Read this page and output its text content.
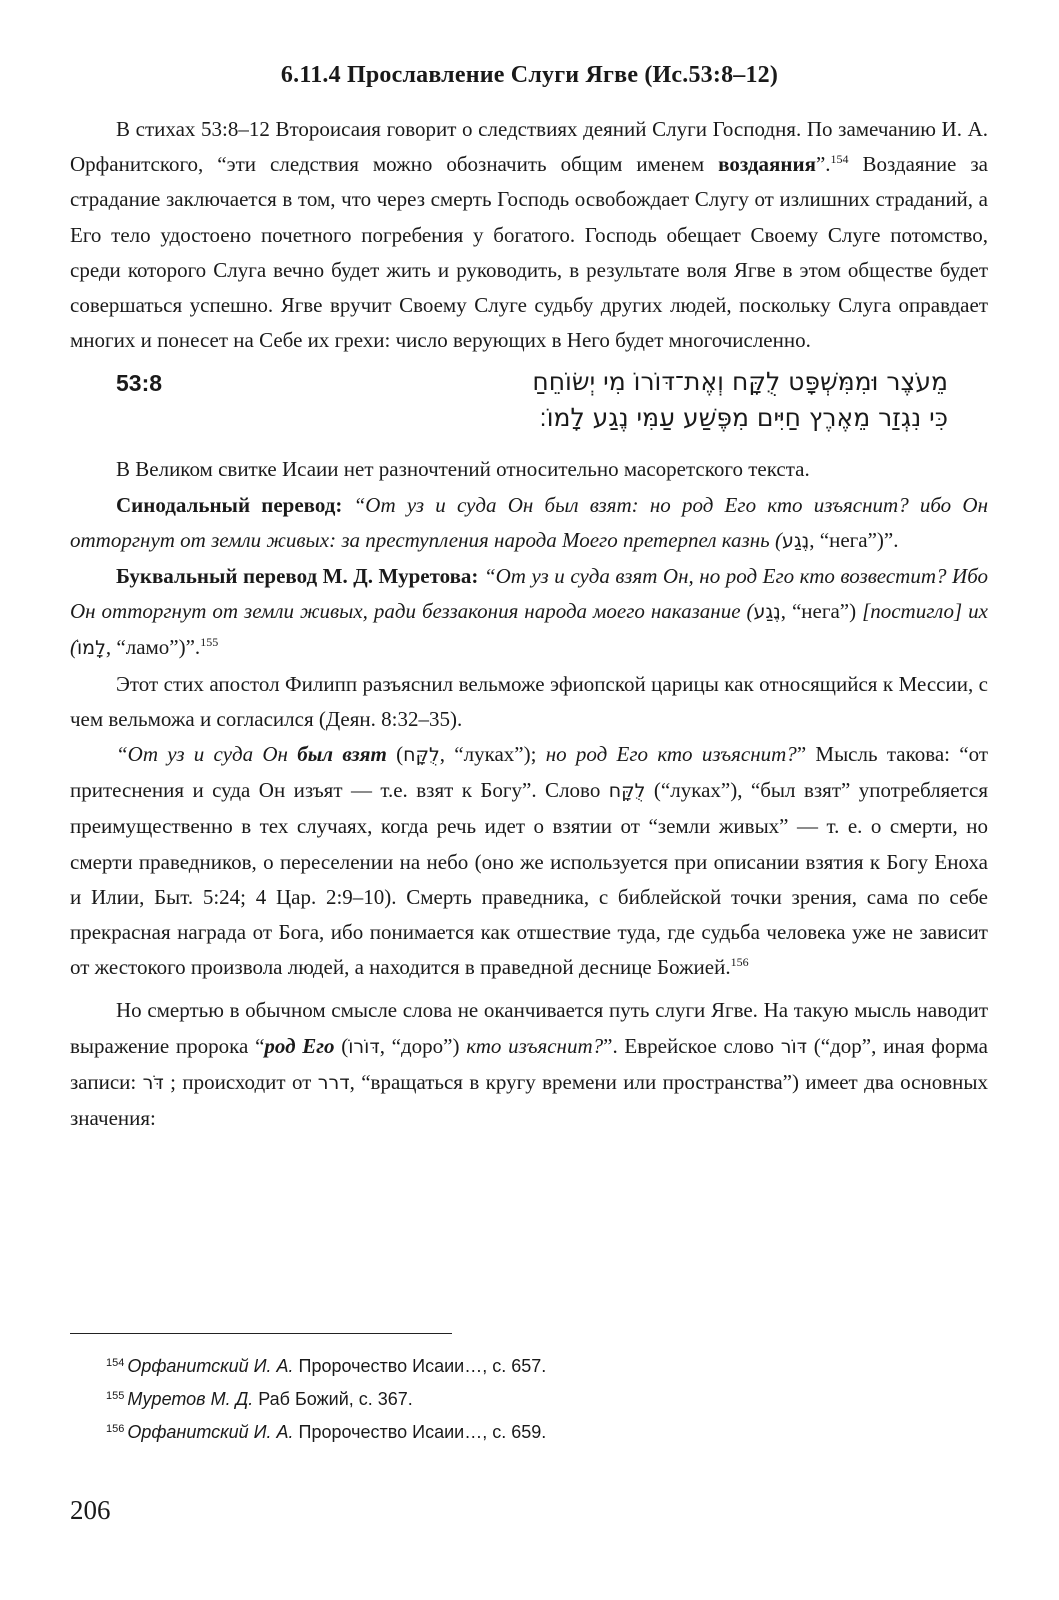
6.11.4 Прославление Слуги Ягве (Ис.53:8–12)

В стихах 53:8–12 Второисаия говорит о следствиях деяний Слуги Господня. По замечанию И. А. Орфанитского, “эти следствия можно обозначить общим именем воздаяния”.$^{154}$ Воздаяние за страдание заключается в том, что через смерть Господь освобождает Слугу от излишних страданий, а Его тело удостоено почетного погребения у богатого. Господь обещает Своему Слуге потомство, среди которого Слуга вечно будет жить и руководить, в результате воля Ягве в этом обществе будет совершаться успешно. Ягве вручит Своему Слуге судьбу других людей, поскольку Слуга оправдает многих и понесет на Себе их грехи: число верующих в Него будет многочисленно.

53:8	מֵעֹצֶר וּמִמִּשְׁפָּט לֻקָּח וְאֶת־דּוֹרוֹ מִי יְשׂוֹחֵחַ
כִּי נִגְזַר מֵאֶרֶץ חַיִּים מִפֶּשַׁע עַמִּי נֶגַע לָמוֹ׃

В Великом свитке Исаии нет разночтений относительно масоретского текста.

Синодальный перевод: “От уз и суда Он был взят: но род Его кто изъяснит? ибо Он отторгнут от земли живых: за преступления народа Моего претерпел казнь (נֶגַע, “нега”)”.

Буквальный перевод М. Д. Муретова: “От уз и суда взят Он, но род Его кто возвестит? Ибо Он отторгнут от земли живых, ради беззакония народа моего наказание (נֶגַע, “нега”) [постигло] их (לָמוֹ, “ламо”)”.$^{155}$

Этот стих апостол Филипп разъяснил вельможе эфиопской царицы как относящийся к Мессии, с чем вельможа и согласился (Деян. 8:32–35).

“От уз и суда Он был взят (לֻקָּח, “луках”); но род Его кто изъяснит?” Мысль такова: “от притеснения и суда Он изъят — т.е. взят к Богу”. Слово לֻקָּח (“луках”), “был взят” употребляется преимущественно в тех случаях, когда речь идет о взятии от “земли живых” — т. е. о смерти, но смерти праведников, о переселении на небо (оно же используется при описании взятия к Богу Еноха и Илии, Быт. 5:24; 4 Цар. 2:9–10). Смерть праведника, с библейской точки зрения, сама по себе прекрасная награда от Бога, ибо понимается как отшествие туда, где судьба человека уже не зависит от жестокого произвола людей, а находится в праведной деснице Божией.$^{156}$

Но смертью в обычном смысле слова не оканчивается путь слуги Ягве. На такую мысль наводит выражение пророка “род Его (דּוֹרוֹ, “доро”) кто изъяснит?”. Еврейское слово דּוֹר (“дор”, иная форма записи: דֹּר ; происходит от דרר, “вращаться в кругу времени или пространства”) имеет два основных значения:

$^{154}$ Орфанитский И. А. Пророчество Исаии…, с. 657.
$^{155}$ Муретов М. Д. Раб Божий, с. 367.
$^{156}$ Орфанитский И. А. Пророчество Исаии…, с. 659.
206
